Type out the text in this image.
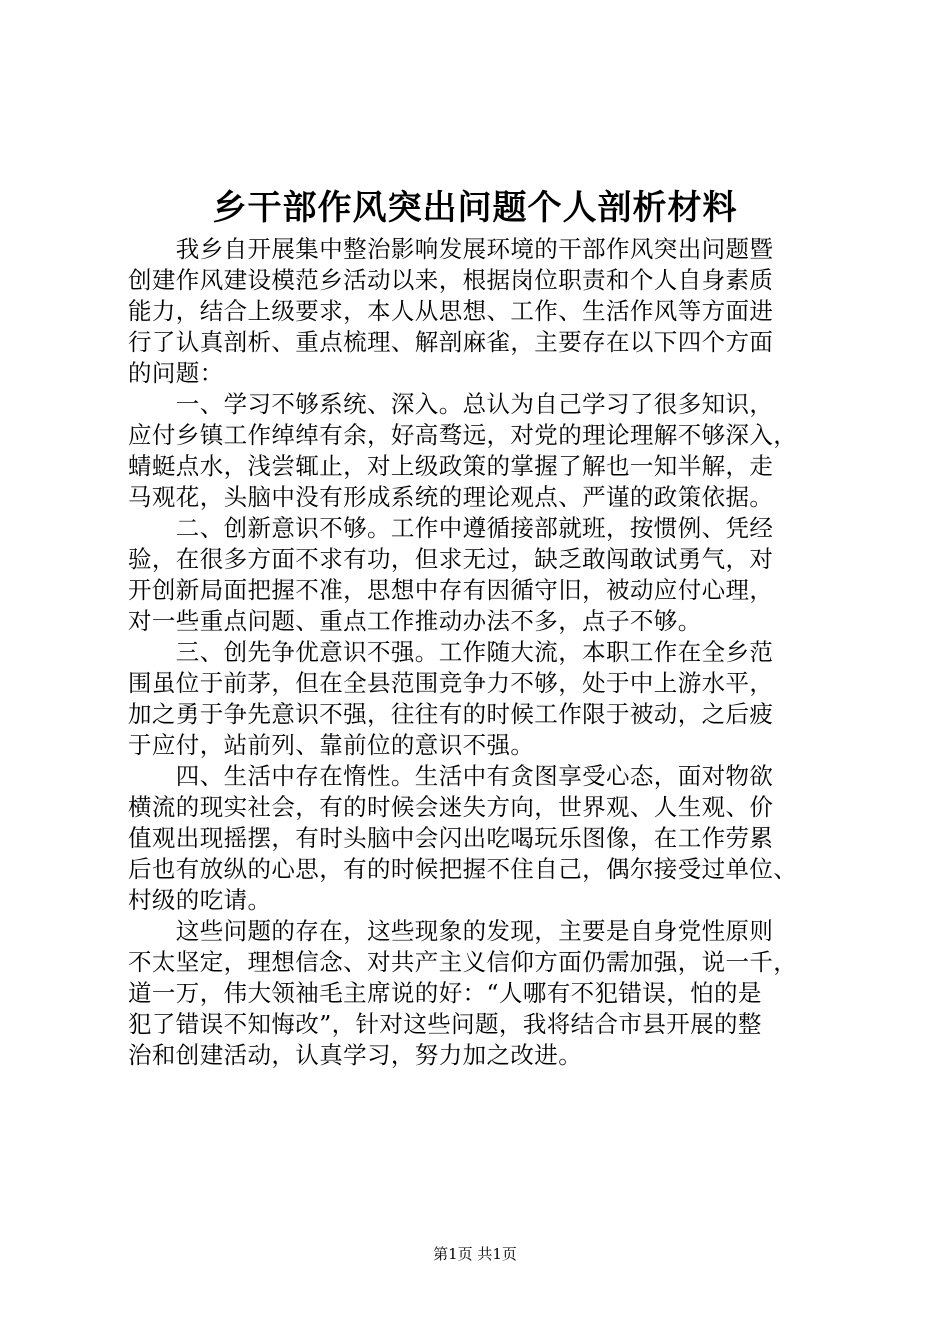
乡干部作风突出问题个人剖析材料
　　我乡自开展集中整治影响发展环境的干部作风突出问题暨
创建作风建设模范乡活动以来，根据岗位职责和个人自身素质
能力，结合上级要求，本人从思想、工作、生活作风等方面进
行了认真剖析、重点梳理、解剖麻雀，主要存在以下四个方面
的问题：
　　一、学习不够系统、深入。总认为自己学习了很多知识，
应付乡镇工作绰绰有余，好高骛远，对党的理论理解不够深入，
蜻蜓点水，浅尝辄止，对上级政策的掌握了解也一知半解，走
马观花，头脑中没有形成系统的理论观点、严谨的政策依据。
　　二、创新意识不够。工作中遵循接部就班，按惯例、凭经
验，在很多方面不求有功，但求无过，缺乏敢闯敢试勇气，对
开创新局面把握不准，思想中存有因循守旧，被动应付心理，
对一些重点问题、重点工作推动办法不多，点子不够。
　　三、创先争优意识不强。工作随大流，本职工作在全乡范
围虽位于前茅，但在全县范围竞争力不够，处于中上游水平，
加之勇于争先意识不强，往往有的时候工作限于被动，之后疲
于应付，站前列、靠前位的意识不强。
　　四、生活中存在惰性。生活中有贪图享受心态，面对物欲
横流的现实社会，有的时候会迷失方向，世界观、人生观、价
值观出现摇摆，有时头脑中会闪出吃喝玩乐图像，在工作劳累
后也有放纵的心思，有的时候把握不住自己，偶尔接受过单位、
村级的吃请。
　　这些问题的存在，这些现象的发现，主要是自身党性原则
不太坚定，理想信念、对共产主义信仰方面仍需加强，说一千，
道一万，伟大领袖毛主席说的好：“人哪有不犯错误，怕的是
犯了错误不知悔改”，针对这些问题，我将结合市县开展的整
治和创建活动，认真学习，努力加之改进。
第1页 共1页
